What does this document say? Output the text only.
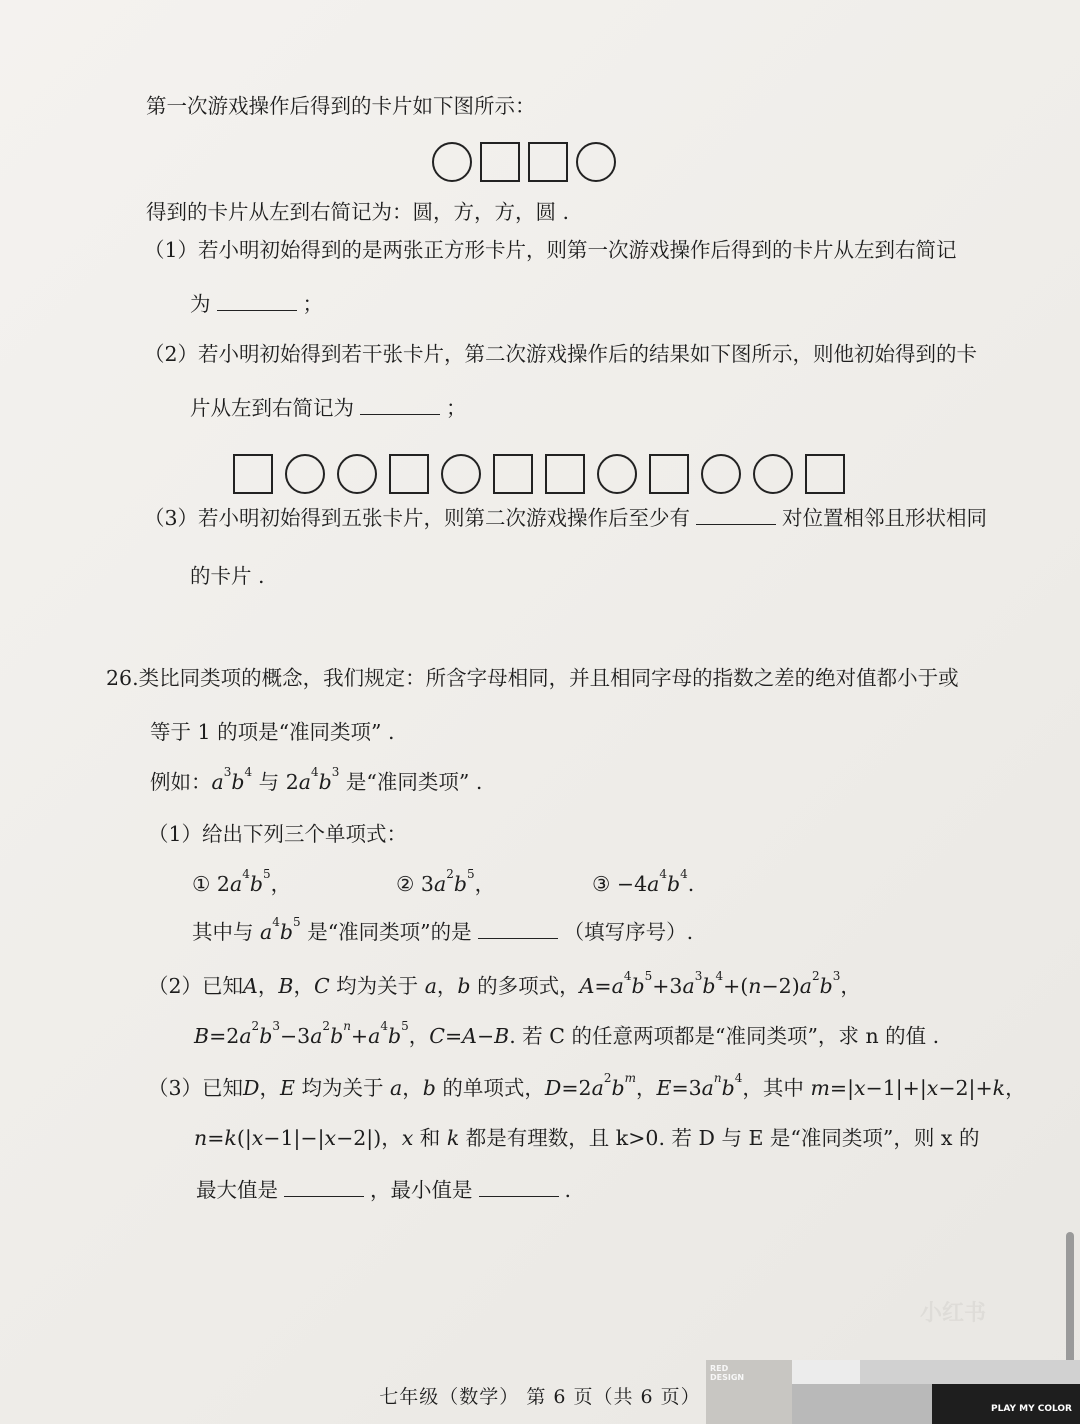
第一次游戏操作后得到的卡片如下图所示：
得到的卡片从左到右简记为：圆，方，方，圆 .
（1）若小明初始得到的是两张正方形卡片，则第一次游戏操作后得到的卡片从左到右简记
为	；
（2）若小明初始得到若干张卡片，第二次游戏操作后的结果如下图所示，则他初始得到的卡
片从左到右简记为	；
（3）若小明初始得到五张卡片，则第二次游戏操作后至少有	对位置相邻且形状相同
的卡片 .
26.类比同类项的概念，我们规定：所含字母相同，并且相同字母的指数之差的绝对值都小于或
等于 1 的项是“准同类项” .
例如：$a^3b^4$ 与 $2a^4b^3$ 是“准同类项” .
（1）给出下列三个单项式：
① $2a^4b^5$，	② $3a^2b^5$，	③ $-4a^4b^4$.
其中与 $a^4b^5$ 是“准同类项”的是	（填写序号）.
（2）已知A，B，C 均为关于 a，b 的多项式，$A=a^4b^5+3a^3b^4+(n-2)a^2b^3$，
$B=2a^2b^3-3a^2b^n+a^4b^5$，C=A−B. 若 C 的任意两项都是“准同类项”，求 n 的值 .
（3）已知D，E 均为关于 a，b 的单项式，$D=2a^2b^m$，$E=3a^nb^4$，其中 m=|x−1|+|x−2|+k，
n=k(|x−1|−|x−2|)，x 和 k 都是有理数，且 k>0. 若 D 与 E 是“准同类项”，则 x 的
最大值是	，最小值是	.
七年级（数学） 第 6 页（共 6 页）
小红书
RED DESIGN
PLAY MY COLOR
